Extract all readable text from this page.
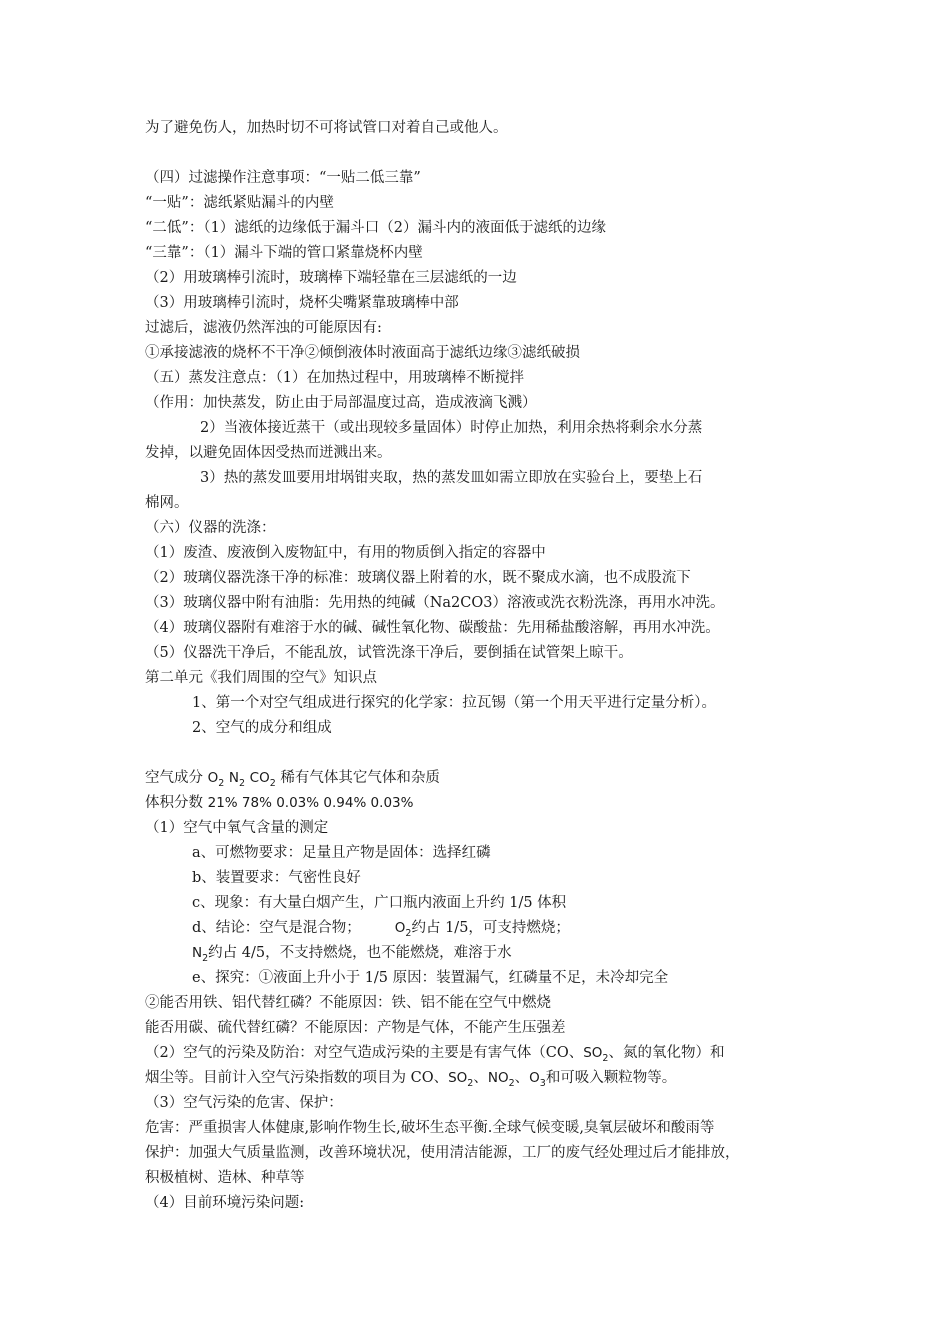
为了避免伤人，加热时切不可将试管口对着自己或他人。
（四）过滤操作注意事项：“一贴二低三靠”
“一贴”：滤纸紧贴漏斗的内壁
“二低”：（1）滤纸的边缘低于漏斗口（2）漏斗内的液面低于滤纸的边缘
“三靠”：（1）漏斗下端的管口紧靠烧杯内壁
（2）用玻璃棒引流时，玻璃棒下端轻靠在三层滤纸的一边
（3）用玻璃棒引流时，烧杯尖嘴紧靠玻璃棒中部
过滤后，滤液仍然浑浊的可能原因有:
①承接滤液的烧杯不干净②倾倒液体时液面高于滤纸边缘③滤纸破损
（五）蒸发注意点：（1）在加热过程中，用玻璃棒不断搅拌
（作用：加快蒸发，防止由于局部温度过高，造成液滴飞溅）
2）当液体接近蒸干（或出现较多量固体）时停止加热，利用余热将剩余水分蒸
发掉，以避免固体因受热而迸溅出来。
3）热的蒸发皿要用坩埚钳夹取，热的蒸发皿如需立即放在实验台上，要垫上石
棉网。
（六）仪器的洗涤：
（1）废渣、废液倒入废物缸中，有用的物质倒入指定的容器中
（2）玻璃仪器洗涤干净的标准：玻璃仪器上附着的水，既不聚成水滴，也不成股流下
（3）玻璃仪器中附有油脂：先用热的纯碱（Na2CO3）溶液或洗衣粉洗涤，再用水冲洗。
（4）玻璃仪器附有难溶于水的碱、碱性氧化物、碳酸盐：先用稀盐酸溶解，再用水冲洗。
（5）仪器洗干净后，不能乱放，试管洗涤干净后，要倒插在试管架上晾干。
第二单元《我们周围的空气》知识点
1、第一个对空气组成进行探究的化学家：拉瓦锡（第一个用天平进行定量分析）。
2、空气的成分和组成
空气成分 $O_2$ $N_2$ $CO_2$ 稀有气体其它气体和杂质
体积分数 21% 78% 0.03% 0.94% 0.03%
（1）空气中氧气含量的测定
a、可燃物要求：足量且产物是固体：选择红磷
b、装置要求：气密性良好
c、现象：有大量白烟产生，广口瓶内液面上升约 1/5 体积
d、结论：空气是混合物；	$O_2$约占 1/5，可支持燃烧；
$N_2$约占 4/5，不支持燃烧，也不能燃烧，难溶于水
e、探究：①液面上升小于 1/5 原因：装置漏气，红磷量不足，未冷却完全
②能否用铁、铝代替红磷？不能原因：铁、铝不能在空气中燃烧
能否用碳、硫代替红磷？不能原因：产物是气体，不能产生压强差
（2）空气的污染及防治：对空气造成污染的主要是有害气体（CO、$SO_2$、氮的氧化物）和
烟尘等。目前计入空气污染指数的项目为 CO、$SO_2$、$NO_2$、$O_3$和可吸入颗粒物等。
（3）空气污染的危害、保护：
危害：严重损害人体健康,影响作物生长,破坏生态平衡.全球气候变暖,臭氧层破坏和酸雨等
保护：加强大气质量监测，改善环境状况，使用清洁能源，工厂的废气经处理过后才能排放，
积极植树、造林、种草等
（4）目前环境污染问题:
